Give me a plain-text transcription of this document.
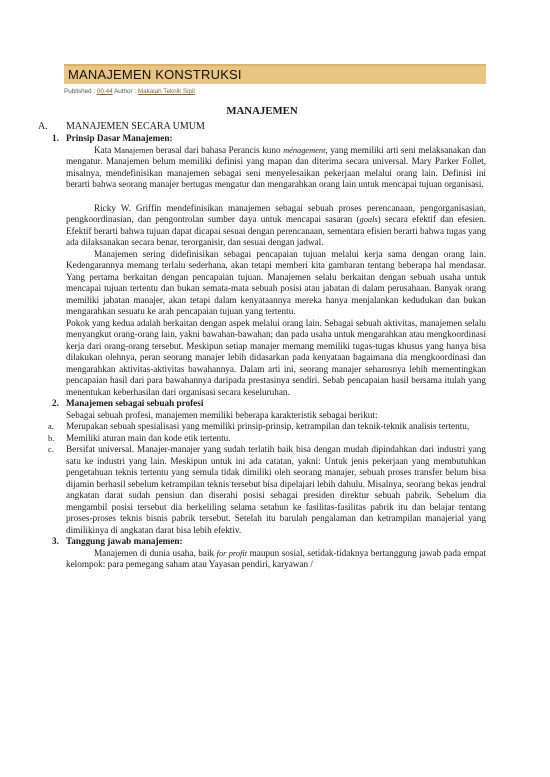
MANAJEMEN KONSTRUKSI
Published : 00.44 Author : Makalah Teknik Sipil
MANAJEMEN
A.	MANAJEMEN SECARA UMUM
1. Prinsip Dasar Manajemen:

Kata Manajemen berasal dari bahasa Perancis kuno ménagement, yang memiliki arti seni melaksanakan dan mengatur. Manajemen belum memiliki definisi yang mapan dan diterima secara universal. Mary Parker Follet, misalnya, mendefinisikan manajemen sebagai seni menyelesaikan pekerjaan melalui orang lain. Definisi ini berarti bahwa seorang manajer bertugas mengatur dan mengarahkan orang lain untuk mencapai tujuan organisasi.

Ricky W. Griffin mendefinisikan manajemen sebagai sebuah proses perencanaan, pengorganisasian, pengkoordinasian, dan pengontrolan sumber daya untuk mencapai sasaran (goals) secara efektif dan efesien. Efektif berarti bahwa tujuan dapat dicapai sesuai dengan perencanaan, sementara efisien berarti bahwa tugas yang ada dilaksanakan secara benar, terorganisir, dan sesuai dengan jadwal.

Manajemen sering didefinisikan sebagai pencapaian tujuan melalui kerja sama dengan orang lain. Kedengarannya memang terlalu sederhana, akan tetapi memberi kita gambaran tentang beberapa hal mendasar. Yang pertama berkaitan dengan pencapaian tujuan. Manajemen selalu berkaitan dengan sebuah usaha untuk mencapai tujuan tertentu dan bukan semata-mata sebuah posisi atau jabatan di dalam perusahaan. Banyak orang memiliki jabatan manajer, akan tetapi dalam kenyataannya mereka hanya menjalankan kedudukan dan bukan mengarahkan sesuatu ke arah pencapaian tujuan yang tertentu.

Pokok yang kedua adalah berkaitan dengan aspek melalui orang lain. Sebagai sebuah aktivitas, manajemen selalu menyangkut orang-orang lain, yakni bawahan-bawahan; dan pada usaha untuk mengarahkan atau mengkoordinasi kerja dari orang-orang tersebut. Meskipun setiap manajer memang memiliki tugas-tugas khusus yang hanya bisa dilakukan olehnya, peran seorang manajer lebih didasarkan pada kenyataan bagaimana dia mengkoordinasi dan mengarahkan aktivitas-aktivitas bawahannya. Dalam arti ini, seorang manajer seharusnya lebih mementingkan pencapaian hasil dari para bawahannya daripada prestasinya sendiri. Sebab pencapaian hasil bersama itulah yang menentukan keberhasilan dari organisasi secara keseluruhan.

2. Manajemen sebagai sebuah profesi

Sebagai sebuah profesi, manajemen memiliki beberapa karakteristik sebagai berikut:

a.	Merupakan sebuah spesialisasi yang memiliki prinsip-prinsip, ketrampilan dan teknik-teknik analisis tertentu,
b.	Memiliki aturan main dan kode etik tertentu.
c.	Bersifat universal. Manajer-manajer yang sudah terlatih baik bisa dengan mudah dipindahkan dari industri yang satu ke industri yang lain. Meskipun untuk ini ada catatan, yakni: Untuk jenis pekerjaan yang membutuhkan pengetahuan teknis tertentu yang semula tidak dimiliki oleh seorang manajer, sebuah proses transfer belum bisa dijamin berhasil sebelum ketrampilan teknis tersebut bisa dipelajari lebih dahulu. Misalnya, seorang bekas jendral angkatan darat sudah pensiun dan diserahi posisi sebagai presiden direktur sebuah pabrik. Sebelum dia mengambil posisi tersebut dia berkeliling selama setahun ke fasilitas-fasilitas pabrik itu dan belajar tentang proses-proses teknis bisnis pabrik tersebut. Setelah itu barulah pengalaman dan ketrampilan manajerial yang dimilikinya di angkatan darat bisa lebih efektiv.
3. Tanggung jawab manajemen:

Manajemen di dunia usaha, baik for profit maupun sosial, setidak-tidaknya bertanggung jawab pada empat kelompok: para pemegang saham atau Yayasan pendiri, karyawan /
